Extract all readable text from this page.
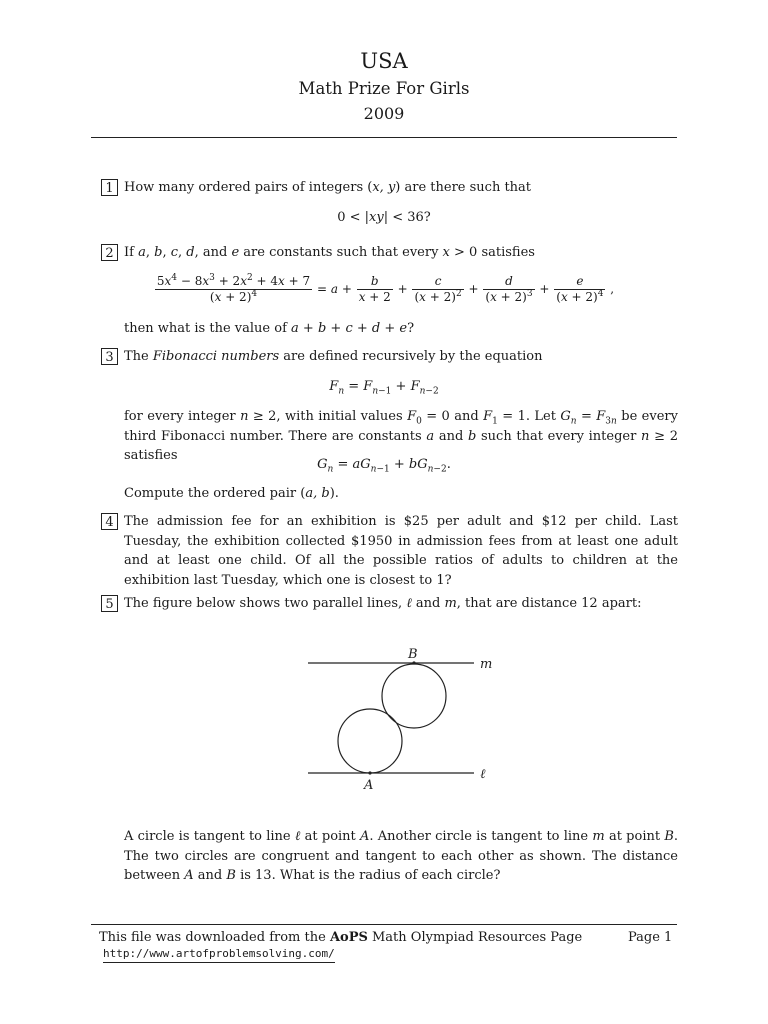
USA
Math Prize For Girls
2009
1 How many ordered pairs of integers (x, y) are there such that
0 < |xy| < 36?
2 If a, b, c, d, and e are constants such that every x > 0 satisfies
$\frac{5x^4 - 8x^3 + 2x^2 + 4x + 7}{(x + 2)^4} = a + \frac{b}{x + 2} + \frac{c}{(x + 2)^2} + \frac{d}{(x + 2)^3} + \frac{e}{(x + 2)^4}$ ,
then what is the value of a + b + c + d + e?
3 The Fibonacci numbers are defined recursively by the equation
$F_n = F_{n-1} + F_{n-2}$
for every integer n ≥ 2, with initial values $F_0 = 0$ and $F_1 = 1$. Let $G_n = F_{3n}$ be every third Fibonacci number. There are constants a and b such that every integer n ≥ 2 satisfies
$G_n = aG_{n-1} + bG_{n-2}$.
Compute the ordered pair (a, b).
4 The admission fee for an exhibition is $25 per adult and $12 per child. Last Tuesday, the exhibition collected $1950 in admission fees from at least one adult and at least one child. Of all the possible ratios of adults to children at the exhibition last Tuesday, which one is closest to 1?
5 The figure below shows two parallel lines, ℓ and m, that are distance 12 apart:
B
A
m
ℓ
A circle is tangent to line ℓ at point A. Another circle is tangent to line m at point B. The two circles are congruent and tangent to each other as shown. The distance between A and B is 13. What is the radius of each circle?
This file was downloaded from the AoPS Math Olympiad Resources Page	Page 1
http://www.artofproblemsolving.com/
